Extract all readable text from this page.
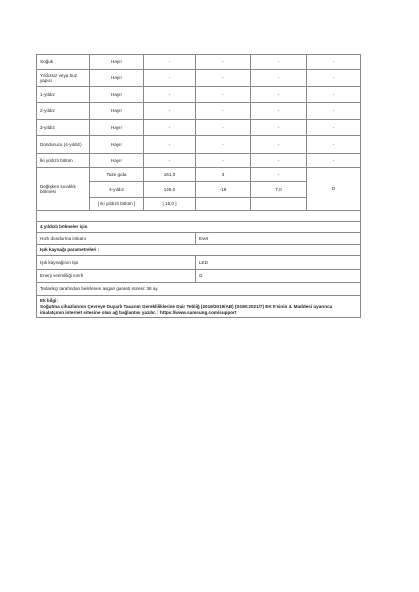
Soğuk	Hayır	-	-	-	-
Yıldızsız veya buz yapıcı	Hayır	-	-	-	-
1-yıldız	Hayır	-	-	-	-
2-yıldız	Hayır	-	-	-	-
3-yıldız	Hayır	-	-	-	-
Dondurucu (4-yıldız)	Hayır	-	-	-	-
İki yıldızlı bölüm	Hayır	-	-	-	-
Değişken sıcaklık bölmesi	Taze gıda	161,0	3	-	D
	4-yıldız	145,0	-19	7,0	
	[ iki yıldızlı bölüm ]	[ 16,0 ]			

4 yıldızlı bölmeler için					
Hızlı dondurma imkanı			Evet		
Işık kaynağı parametreleri :					
Işık kaynağının tipi			LED		
Enerji verimliliği sınıfı			G		
Tedarikçi tarafından belirlenen asgari garanti süresi: 36 ay					

Ek bilgi:
Soğutma cihazlarının Çevreye Duyarlı Tasarım Gerekliliklerine Dair Tebliğ (2019/2019/AB) (SGM:2021/7) EK II'sinin 4. Maddesi uyarınca imalatçının internet sitesine olan ağ bağlantısı yazılır. : https://www.samsung.com/support					
